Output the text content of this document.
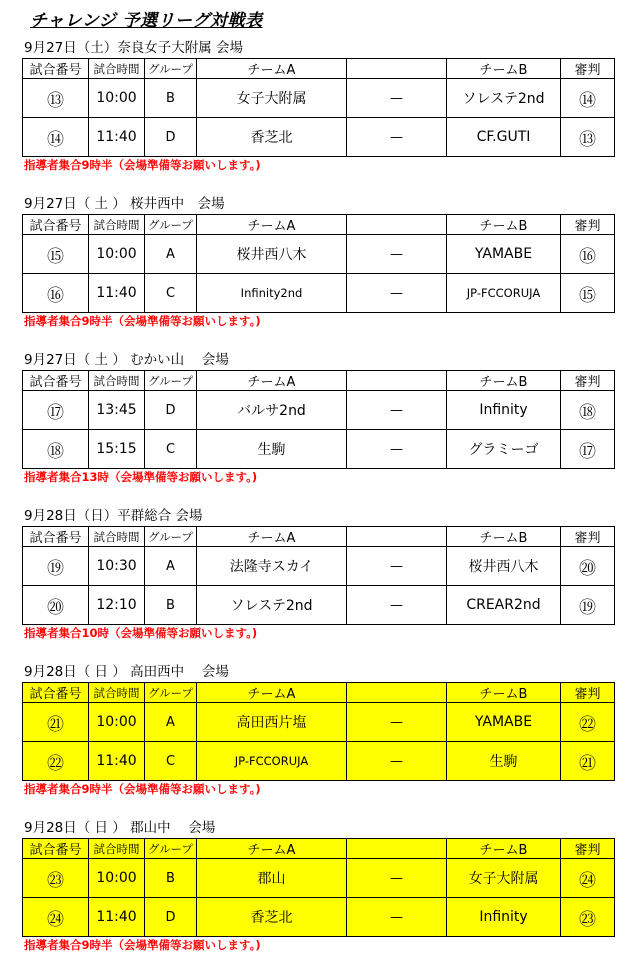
チャレンジ 予選リーグ対戦表
9月27日（土）奈良女子大附属 会場
試合番号	試合時間	グループ	チームA		チームB	審判
⑬	10:00	B	女子大附属	—	ソレステ2nd	⑭
⑭	11:40	D	香芝北	—	CF.GUTI	⑬
指導者集合9時半（会場準備等お願いします。)
9月27日（ 土 ） 桜井西中　会場
試合番号	試合時間	グループ	チームA		チームB	審判
⑮	10:00	A	桜井西八木	—	YAMABE	⑯
⑯	11:40	C	Infinity2nd	—	JP-FCCORUJA	⑮
指導者集合9時半（会場準備等お願いします。)
9月27日（ 土 ） むかい山　 会場
試合番号	試合時間	グループ	チームA		チームB	審判
⑰	13:45	D	バルサ2nd	—	Infinity	⑱
⑱	15:15	C	生駒	—	グラミーゴ	⑰
指導者集合13時（会場準備等お願いします。)
9月28日（日）平群総合 会場
試合番号	試合時間	グループ	チームA		チームB	審判
⑲	10:30	A	法隆寺スカイ	—	桜井西八木	⑳
⑳	12:10	B	ソレステ2nd	—	CREAR2nd	⑲
指導者集合10時（会場準備等お願いします。)
9月28日（ 日 ） 高田西中　 会場
試合番号	試合時間	グループ	チームA		チームB	審判
㉑	10:00	A	高田西片塩	—	YAMABE	㉒
㉒	11:40	C	JP-FCCORUJA	—	生駒	㉑
指導者集合9時半（会場準備等お願いします。)
9月28日（ 日 ） 郡山中　 会場
試合番号	試合時間	グループ	チームA		チームB	審判
㉓	10:00	B	郡山	—	女子大附属	㉔
㉔	11:40	D	香芝北	—	Infinity	㉓
指導者集合9時半（会場準備等お願いします。)
